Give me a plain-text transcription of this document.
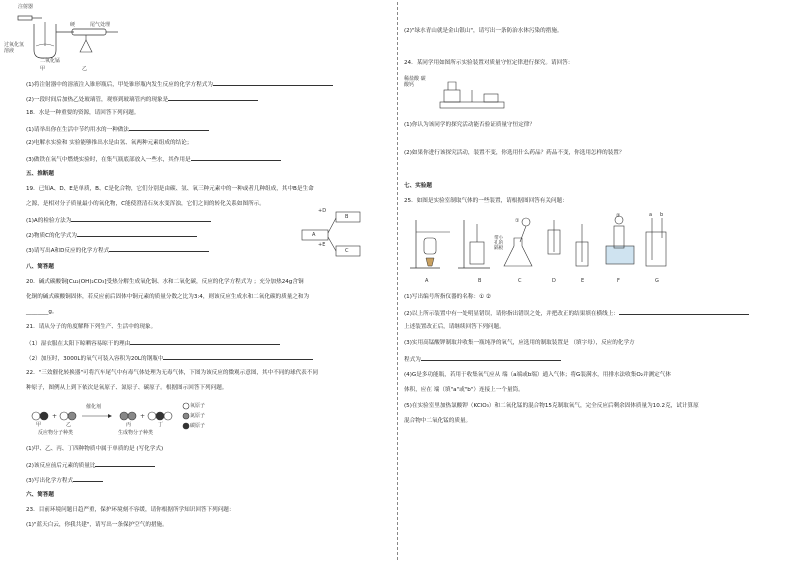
注射器
硬	尾气处理
过氧化氢溶液
二氧化锰
甲	乙
(1)将注射器中的溶液注入锥形瓶后，甲处锥形瓶内发生反应的化学方程式为
(2)一段时间后加热乙处玻璃管，观察到玻璃管内的现象是
18．水是一种重要的资源，请回答下列问题。
(1)请举出你在生活中节约用水的一种做法
(2)电解水实验和 实验能够推出水是由氢、氧两种元素组成的结论；
(3)做铁在氧气中燃烧实验时，在集气瓶底部放入一些水，其作用是
五、推断题
19．已知A、D、E是单质，B、C是化合物，它们分别是由碳、氢、氧三种元素中的一种或者几种组成，其中B是生命
之源，是相对分子质量最小的氧化物，C能使澄清石灰水变浑浊，它们之间的转化关系如图所示。
(1)A的检验方法为
(2)物质C的化学式为
(3)请写出A和D反应的化学方程式
+D
B
A
+E
C
八、简答题
20．碱式碳酸铜[Cu₂(OH)₂CO₃]受热分解生成氧化铜、水和二氧化碳，反应的化学方程式为 ；充分加热24g含铜
化铜的碱式碳酸铜固体，若反应前后固体中铜元素的质量分数之比为3:4，则该反应生成水和二氧化碳的质量之和为
________g。
21．请从分子的角度解释下列生产、生活中的现象。
（1）湿衣服在太阳下晾晒容易晾干的理由
（2）加压时，3000L的氧气可装入容积为20L的钢瓶中
22．"三效催化转换器"可将汽车尾气中有毒气体处理为无毒气体，下图为该反应的微观示意图，其中不同的球代表不同
种原子，图例从上到下依次是氧原子、氮原子、碳原子。根据图示回答下列问题。
+	+
催化剂
甲	乙	丙	丁
反应物分子种类	生成物分子种类
氧原子
氮原子
碳原子
(1)甲、乙、丙、丁四种物质中属于单质的是 (写化学式)
(2)该反应前后元素的质量比
(3)写出化学方程式
六、简答题
23．目前环境问题日趋严重，保护环境刻不容缓，请你根据所学知识回答下列问题：
(1)"蓝天白云，你我共建"，请写出一条保护空气的措施。
(2)"绿水青山就是金山银山"，请写出一条防治水体污染的措施。
24．某同学用如图所示实验装置对质量守恒定律进行探究。请回答：
稀盐酸 碳酸钙
(1)你认为该同学的探究活动能否验证质量守恒定律？
(2)如果你进行该探究活动，装置不变，你选用什么药品？药品不变，你选用怎样的装置？
七、实验题
25．如图是实验室制取气体的一些装置，请根据图回答有关问题：
带小孔的隔板
①
②	a b
A	B	C	D	E	F	G
(1)写出编号所指仪器的名称：① ②
(2)以上所示装置中有一处明显错误，请你指出错误之处，并把改正的结果填在横线上：
上述装置改正后，请继续回答下列问题。
(3)实用高锰酸钾制取并收集一瓶纯净的氧气，应选用的制取装置是 （填字母），反应的化学方
程式为
(4)G是多功能瓶，若用于收集氧气应从 端（a端或b端）通入气体；将G装满水，用排水法收集O₂并测定气体
体积，应在 端（填"a"或"b"）连接上一个量筒。
(5)在实验室里加热氯酸钾（KClO₃）和二氧化锰的混合物15克制取氧气，完全反应后剩余固体质量为10.2克，试计算原
混合物中二氧化锰的质量。
